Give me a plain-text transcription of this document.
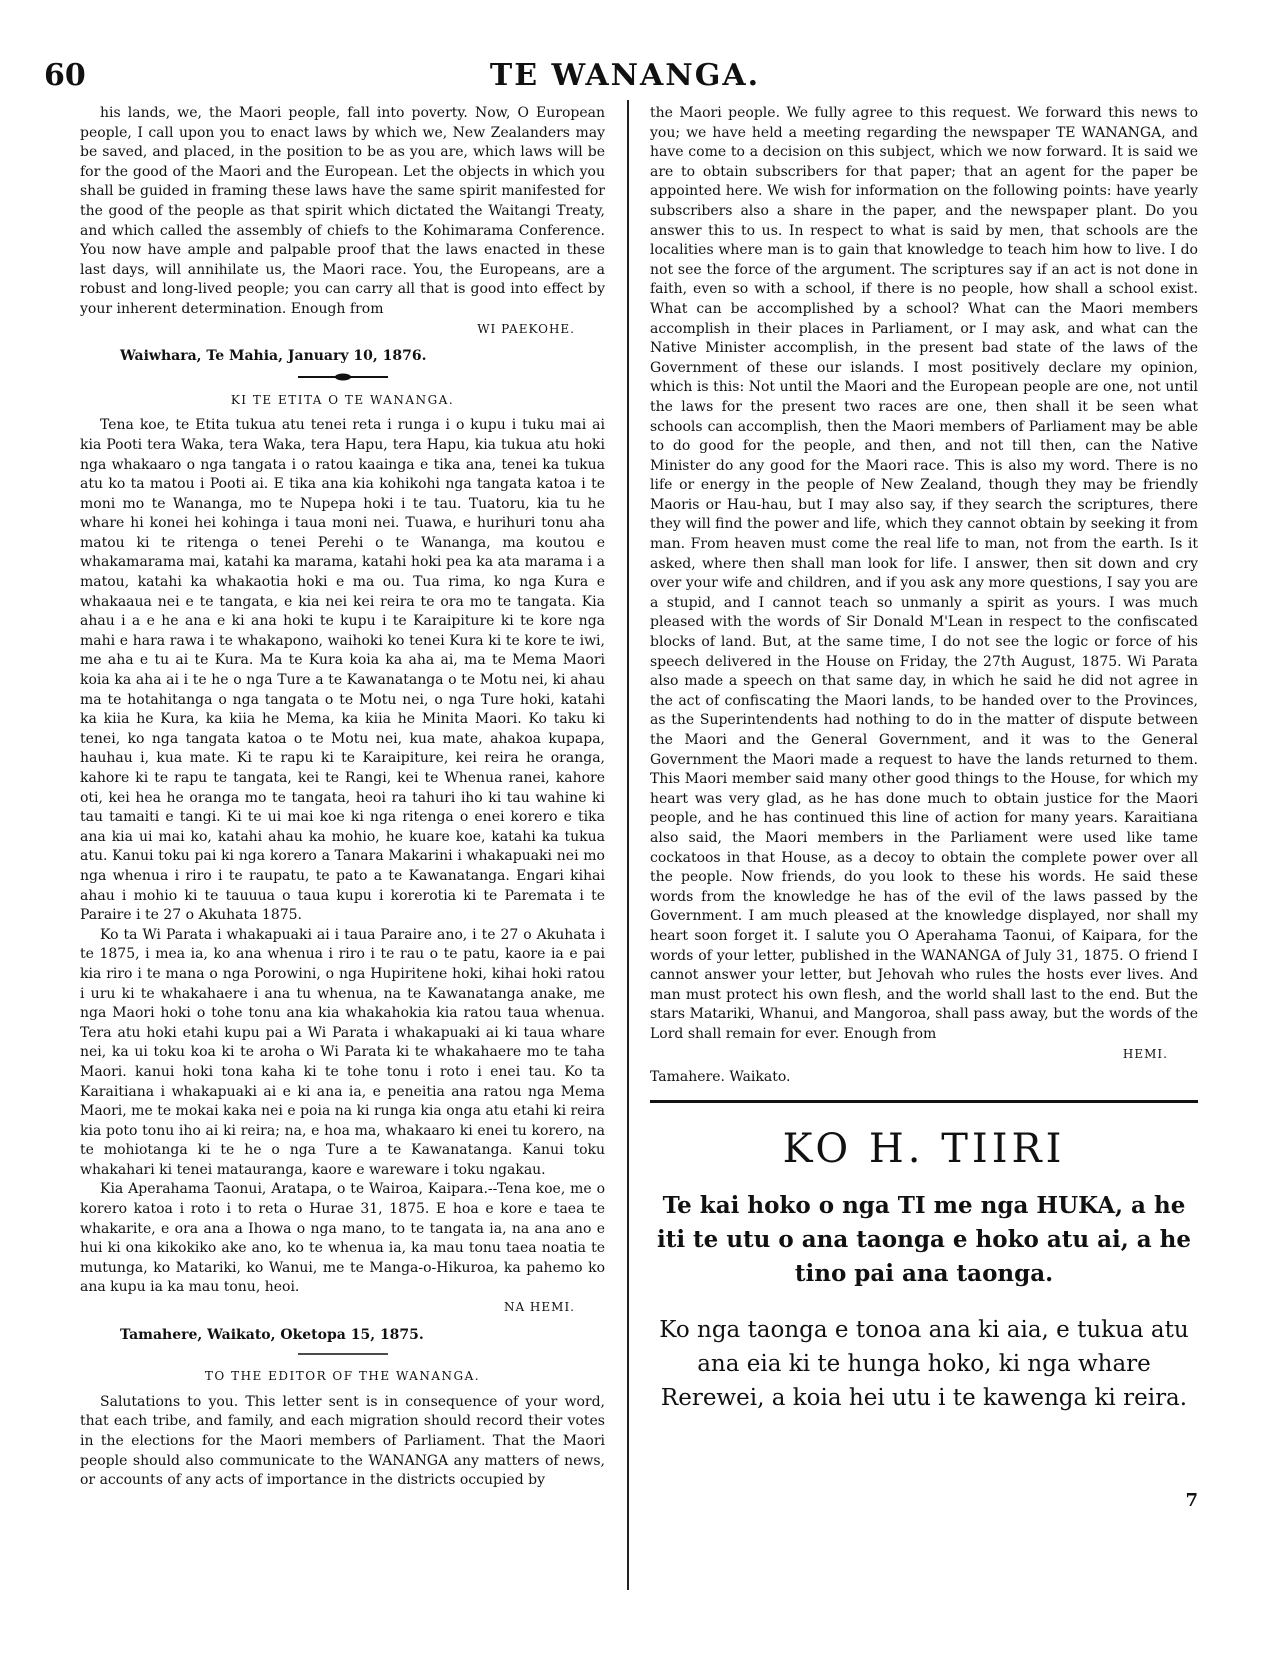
60	TE WANANGA.

his lands, we, the Maori people, fall into poverty. Now, O European people, I call upon you to enact laws by which we, New Zealanders may be saved, and placed, in the position to be as you are, which laws will be for the good of the Maori and the European. Let the objects in which you shall be guided in framing these laws have the same spirit manifested for the good of the people as that spirit which dictated the Waitangi Treaty, and which called the assembly of chiefs to the Kohimarama Conference. You now have ample and palpable proof that the laws enacted in these last days, will annihilate us, the Maori race. You, the Europeans, are a robust and long-lived people; you can carry all that is good into effect by your inherent determination. Enough from

WI PAEKOHE.

Waiwhara, Te Mahia, January 10, 1876.

KI TE ETITA O TE WANANGA.

Tena koe, te Etita tukua atu tenei reta i runga i o kupu i tuku mai ai kia Pooti tera Waka, tera Waka, tera Hapu, tera Hapu, kia tukua atu hoki nga whakaaro o nga tangata i o ratou kaainga e tika ana, tenei ka tukua atu ko ta matou i Pooti ai. E tika ana kia kohikohi nga tangata katoa i te moni mo te Wananga, mo te Nupepa hoki i te tau. Tuatoru, kia tu he whare hi konei hei kohinga i taua moni nei. Tuawa, e hurihuri tonu aha matou ki te ritenga o tenei Perehi o te Wananga, ma koutou e whakamarama mai, katahi ka marama, katahi hoki pea ka ata marama i a matou, katahi ka whakaotia hoki e ma ou. Tua rima, ko nga Kura e whakaaua nei e te tangata, e kia nei kei reira te ora mo te tangata. Kia ahau i a e he ana e ki ana hoki te kupu i te Karaipiture ki te kore nga mahi e hara rawa i te whakapono, waihoki ko tenei Kura ki te kore te iwi, me aha e tu ai te Kura. Ma te Kura koia ka aha ai, ma te Mema Maori koia ka aha ai i te he o nga Ture a te Kawanatanga o te Motu nei, ki ahau ma te hotahitanga o nga tangata o te Motu nei, o nga Ture hoki, katahi ka kiia he Kura, ka kiia he Mema, ka kiia he Minita Maori. Ko taku ki tenei, ko nga tangata katoa o te Motu nei, kua mate, ahakoa kupapa, hauhau i, kua mate. Ki te rapu ki te Karaipiture, kei reira he oranga, kahore ki te rapu te tangata, kei te Rangi, kei te Whenua ranei, kahore oti, kei hea he oranga mo te tangata, heoi ra tahuri iho ki tau wahine ki tau tamaiti e tangi. Ki te ui mai koe ki nga ritenga o enei korero e tika ana kia ui mai ko, katahi ahau ka mohio, he kuare koe, katahi ka tukua atu. Kanui toku pai ki nga korero a Tanara Makarini i whakapuaki nei mo nga whenua i riro i te raupatu, te pato a te Kawanatanga. Engari kihai ahau i mohio ki te tauuua o taua kupu i korerotia ki te Paremata i te Paraire i te 27 o Akuhata 1875.

Ko ta Wi Parata i whakapuaki ai i taua Paraire ano, i te 27 o Akuhata i te 1875, i mea ia, ko ana whenua i riro i te rau o te patu, kaore ia e pai kia riro i te mana o nga Porowini, o nga Hupiritene hoki, kihai hoki ratou i uru ki te whakahaere i ana tu whenua, na te Kawanatanga anake, me nga Maori hoki o tohe tonu ana kia whakahokia kia ratou taua whenua. Tera atu hoki etahi kupu pai a Wi Parata i whakapuaki ai ki taua whare nei, ka ui toku koa ki te aroha o Wi Parata ki te whakahaere mo te taha Maori. kanui hoki tona kaha ki te tohe tonu i roto i enei tau. Ko ta Karaitiana i whakapuaki ai e ki ana ia, e peneitia ana ratou nga Mema Maori, me te mokai kaka nei e poia na ki runga kia onga atu etahi ki reira kia poto tonu iho ai ki reira; na, e hoa ma, whakaaro ki enei tu korero, na te mohiotanga ki te he o nga Ture a te Kawanatanga. Kanui toku whakahari ki tenei matauranga, kaore e wareware i toku ngakau.

Kia Aperahama Taonui, Aratapa, o te Wairoa, Kaipara.--Tena koe, me o korero katoa i roto i to reta o Hurae 31, 1875. E hoa e kore e taea te whakarite, e ora ana a Ihowa o nga mano, to te tangata ia, na ana ano e hui ki ona kikokiko ake ano, ko te whenua ia, ka mau tonu taea noatia te mutunga, ko Matariki, ko Wanui, me te Manga-o-Hikuroa, ka pahemo ko ana kupu ia ka mau tonu, heoi.

NA HEMI.

Tamahere, Waikato, Oketopa 15, 1875.

TO THE EDITOR OF THE WANANGA.

Salutations to you. This letter sent is in consequence of your word, that each tribe, and family, and each migration should record their votes in the elections for the Maori members of Parliament. That the Maori people should also communicate to the WANANGA any matters of news, or accounts of any acts of importance in the districts occupied by

the Maori people. We fully agree to this request. We forward this news to you; we have held a meeting regarding the newspaper TE WANANGA, and have come to a decision on this subject, which we now forward. It is said we are to obtain subscribers for that paper; that an agent for the paper be appointed here. We wish for information on the following points: have yearly subscribers also a share in the paper, and the newspaper plant. Do you answer this to us. In respect to what is said by men, that schools are the localities where man is to gain that knowledge to teach him how to live. I do not see the force of the argument. The scriptures say if an act is not done in faith, even so with a school, if there is no people, how shall a school exist. What can be accomplished by a school? What can the Maori members accomplish in their places in Parliament, or I may ask, and what can the Native Minister accomplish, in the present bad state of the laws of the Government of these our islands. I most positively declare my opinion, which is this: Not until the Maori and the European people are one, not until the laws for the present two races are one, then shall it be seen what schools can accomplish, then the Maori members of Parliament may be able to do good for the people, and then, and not till then, can the Native Minister do any good for the Maori race. This is also my word. There is no life or energy in the people of New Zealand, though they may be friendly Maoris or Hau-hau, but I may also say, if they search the scriptures, there they will find the power and life, which they cannot obtain by seeking it from man. From heaven must come the real life to man, not from the earth. Is it asked, where then shall man look for life. I answer, then sit down and cry over your wife and children, and if you ask any more questions, I say you are a stupid, and I cannot teach so unmanly a spirit as yours. I was much pleased with the words of Sir Donald M'Lean in respect to the confiscated blocks of land. But, at the same time, I do not see the logic or force of his speech delivered in the House on Friday, the 27th August, 1875. Wi Parata also made a speech on that same day, in which he said he did not agree in the act of confiscating the Maori lands, to be handed over to the Provinces, as the Superintendents had nothing to do in the matter of dispute between the Maori and the General Government, and it was to the General Government the Maori made a request to have the lands returned to them. This Maori member said many other good things to the House, for which my heart was very glad, as he has done much to obtain justice for the Maori people, and he has continued this line of action for many years. Karaitiana also said, the Maori members in the Parliament were used like tame cockatoos in that House, as a decoy to obtain the complete power over all the people. Now friends, do you look to these his words. He said these words from the knowledge he has of the evil of the laws passed by the Government. I am much pleased at the knowledge displayed, nor shall my heart soon forget it. I salute you O Aperahama Taonui, of Kaipara, for the words of your letter, published in the WANANGA of July 31, 1875. O friend I cannot answer your letter, but Jehovah who rules the hosts ever lives. And man must protect his own flesh, and the world shall last to the end. But the stars Matariki, Whanui, and Mangoroa, shall pass away, but the words of the Lord shall remain for ever. Enough from

HEMI.

Tamahere. Waikato.

KO H. TIIRI

Te kai hoko o nga TI me nga HUKA, a he iti te utu o ana taonga e hoko atu ai, a he tino pai ana taonga.

Ko nga taonga e tonoa ana ki aia, e tukua atu ana eia ki te hunga hoko, ki nga whare Rerewei, a koia hei utu i te kawenga ki reira.

7
